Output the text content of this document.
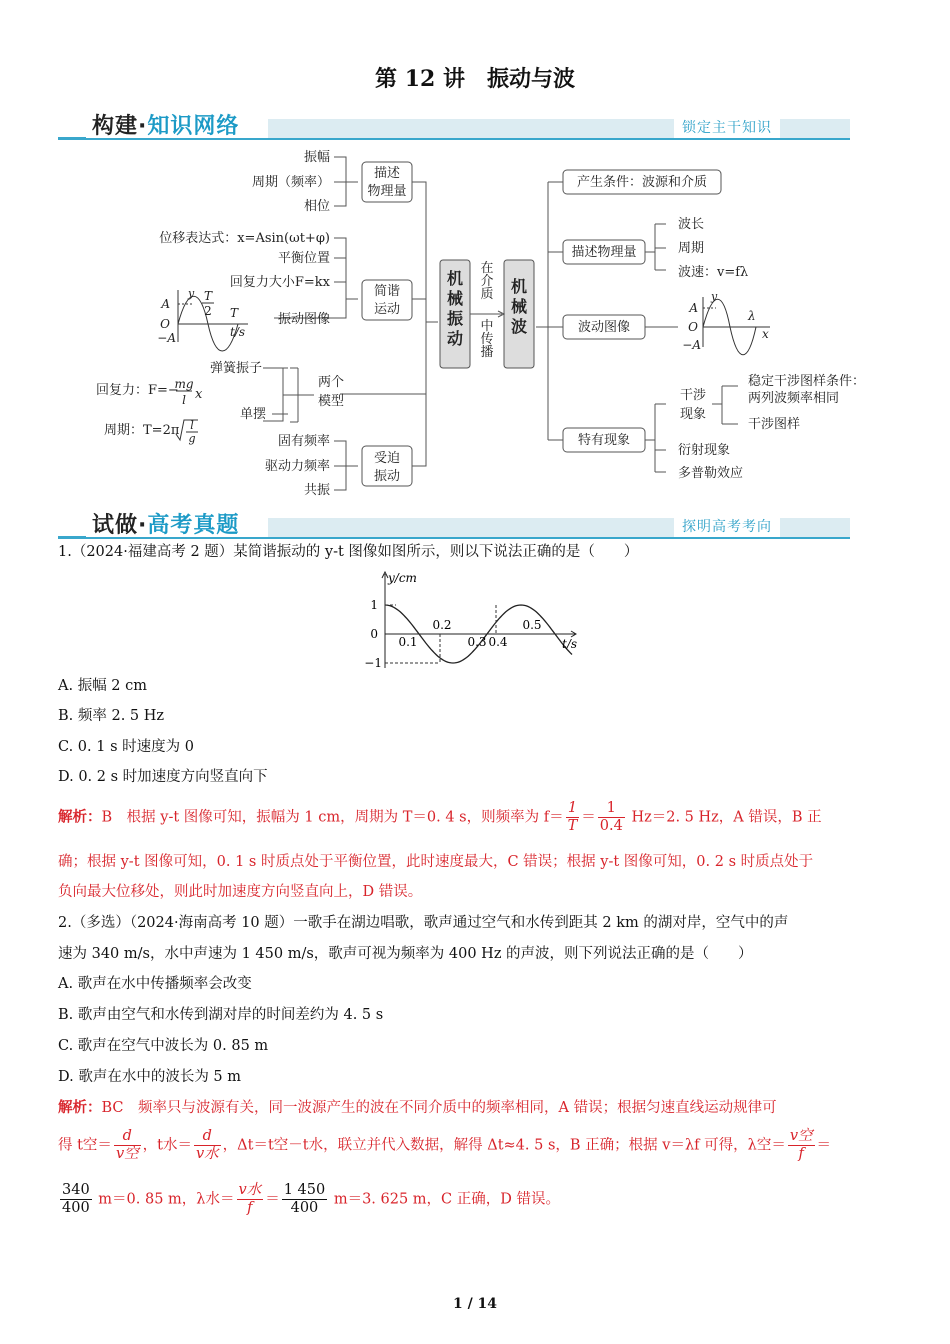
第 12 讲　振动与波
构建·知识网络	锁定主干知识
机
械
振
动
机
械
波
在
介
质
中
传
播
描述
物理量
振幅
周期（频率）
相位
简谐
运动
位移表达式：x=Asin(ωt+φ)
平衡位置
回复力大小F=kx
振动图像
y
A
O
−A
T
2 T
t/s
弹簧振子
两个
模型
单摆
回复力：F=−
mg
l x
周期：T=2π l
g
受迫
振动
固有频率
驱动力频率
共振
产生条件：波源和介质
描述物理量
波长
周期
波速：v=fλ
波动图像
y
A
O
−A
λ
x
特有现象
干涉
现象
稳定干涉图样条件：
两列波频率相同
干涉图样
衍射现象
多普勒效应
试做·高考真题	探明高考考向
1.（2024·福建高考 2 题）某简谐振动的 y-t 图像如图所示，则以下说法正确的是（　　）
y/cm
1
0
−1
0.1
0.2
0.3 0.4
0.5
t/s
A. 振幅 2 cm
B. 频率 2. 5 Hz
C. 0. 1 s 时速度为 0
D. 0. 2 s 时加速度方向竖直向下
解析：B　根据 y-t 图像可知，振幅为 1 cm，周期为 T＝0. 4 s，则频率为 $f= \frac{1}{T} = \frac{1}{0.4} Hz=2$. 5 Hz，A 错误，B 正
确；根据 y-t 图像可知，0. 1 s 时质点处于平衡位置，此时速度最大，C 错误；根据 y-t 图像可知，0. 2 s 时质点处于
负向最大位移处，则此时加速度方向竖直向上，D 错误。
2.（多选）（2024·海南高考 10 题）一歌手在湖边唱歌，歌声通过空气和水传到距其 2 km 的湖对岸，空气中的声
速为 340 m/s，水中声速为 1 450 m/s，歌声可视为频率为 400 Hz 的声波，则下列说法正确的是（　　）
A. 歌声在水中传播频率会改变
B. 歌声由空气和水传到湖对岸的时间差约为 4. 5 s
C. 歌声在空气中波长为 0. 85 m
D. 歌声在水中的波长为 5 m
解析：BC　频率只与波源有关，同一波源产生的波在不同介质中的频率相同，A 错误；根据匀速直线运动规律可
得 t空＝ $\frac{d}{\text{v空}}$ ，t水＝ $\frac{d}{\text{v水}}$ ，Δt＝t空－t水，联立并代入数据，解得 Δt≈4. 5 s，B 正确；根据 v＝λf 可得，λ空＝ $\frac{\text{v空}}{f}$ ＝
$\frac{340}{400} m=0$. 85 m，λ水＝ $\frac{\text{v水}}{f} = \frac{1 450}{400} m=3$. 625 m，C 正确，D 错误。
1 / 14
